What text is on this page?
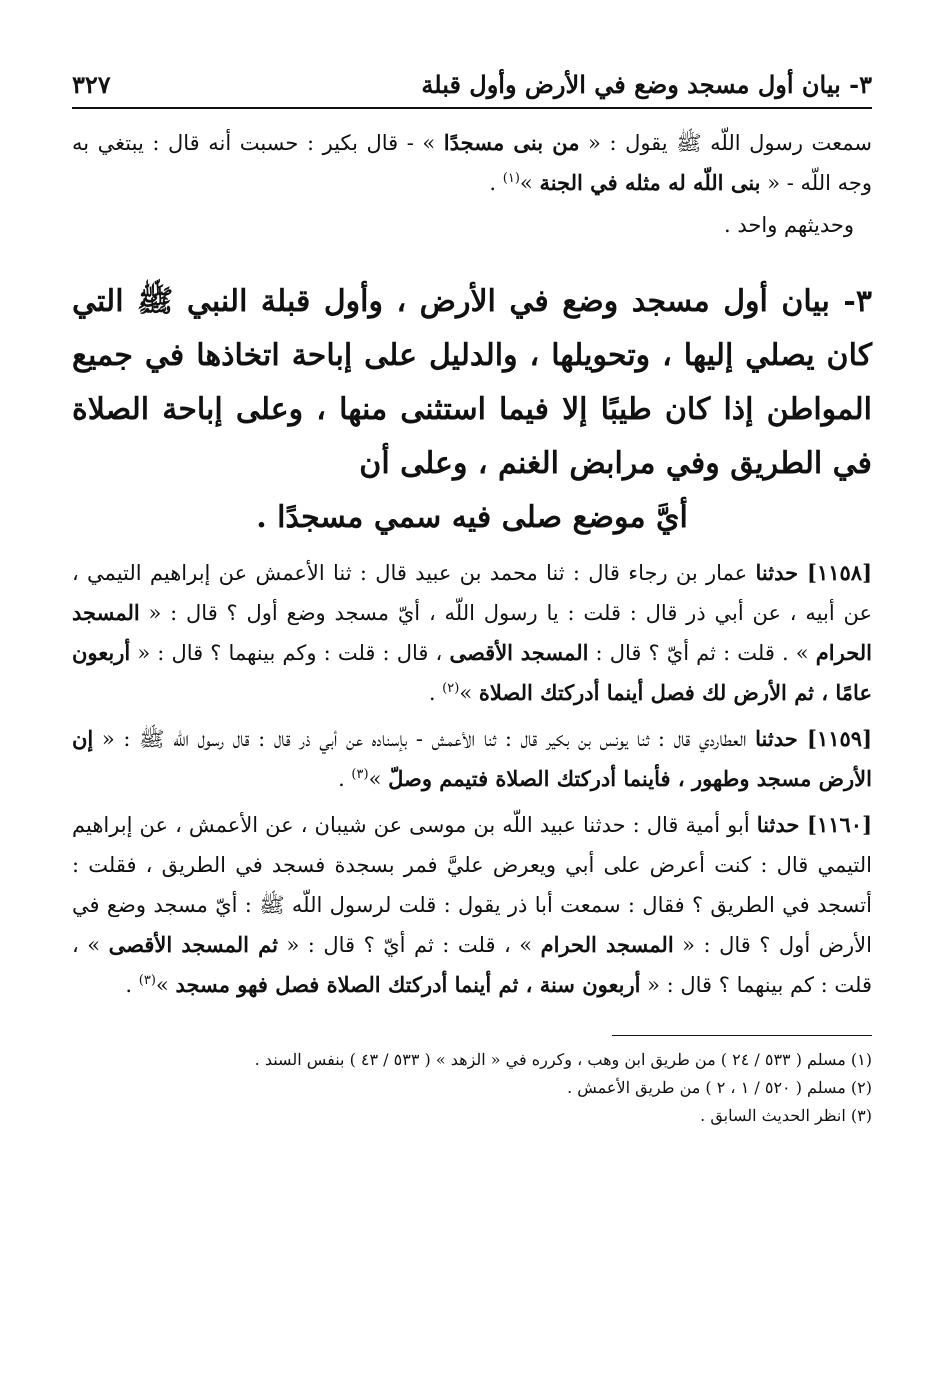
٣- بيان أول مسجد وضع في الأرض وأول قبلة
٣٢٧

سمعت رسول اللّه ﷺ يقول : « من بنى مسجدًا » - قال بكير : حسبت أنه قال : يبتغي به وجه اللّه - « بنى اللّه له مثله في الجنة »$^{(١)}$ .

وحديثهم واحد .

٣- بيان أول مسجد وضع في الأرض ، وأول قبلة النبي ﷺ التي كان يصلي إليها ، وتحويلها ، والدليل على إباحة اتخاذها في جميع المواطن إذا كان طيبًا إلا فيما استثنى منها ، وعلى إباحة الصلاة في الطريق وفي مرابض الغنم ، وعلى أن
أيَّ موضع صلى فيه سمي مسجدًا .

[١١٥٨] حدثنا عمار بن رجاء قال : ثنا محمد بن عبيد قال : ثنا الأعمش عن إبراهيم التيمي ، عن أبيه ، عن أبي ذر قال : قلت : يا رسول اللّه ، أيّ مسجد وضع أول ؟ قال : « المسجد الحرام » . قلت : ثم أيّ ؟ قال : المسجد الأقصى ، قال : قلت : وكم بينهما ؟ قال : « أربعون عامًا ، ثم الأرض لك فصل أينما أدركتك الصلاة »$^{(٢)}$ .

[١١٥٩] حدثنا العطاردي قال : ثنا يونس بن بكير قال : ثنا الأعمش - بإسناده عن أبي ذر قال : قال رسول اللّه ﷺ : « إن الأرض مسجد وطهور ، فأينما أدركتك الصلاة فتيمم وصلّ »$^{(٣)}$ .

[١١٦٠] حدثنا أبو أمية قال : حدثنا عبيد اللّه بن موسى عن شيبان ، عن الأعمش ، عن إبراهيم التيمي قال : كنت أعرض على أبي ويعرض عليَّ فمر بسجدة فسجد في الطريق ، فقلت : أتسجد في الطريق ؟ فقال : سمعت أبا ذر يقول : قلت لرسول اللّه ﷺ : أيّ مسجد وضع في الأرض أول ؟ قال : « المسجد الحرام » ، قلت : ثم أيّ ؟ قال : « ثم المسجد الأقصى » ، قلت : كم بينهما ؟ قال : « أربعون سنة ، ثم أينما أدركتك الصلاة فصل فهو مسجد »$^{(٣)}$ .

(١) مسلم ( ٥٣٣ / ٢٤ ) من طريق ابن وهب ، وكرره في « الزهد » ( ٥٣٣ / ٤٣ ) بنفس السند .

(٢) مسلم ( ٥٢٠ / ١ ، ٢ ) من طريق الأعمش .

(٣) انظر الحديث السابق .
